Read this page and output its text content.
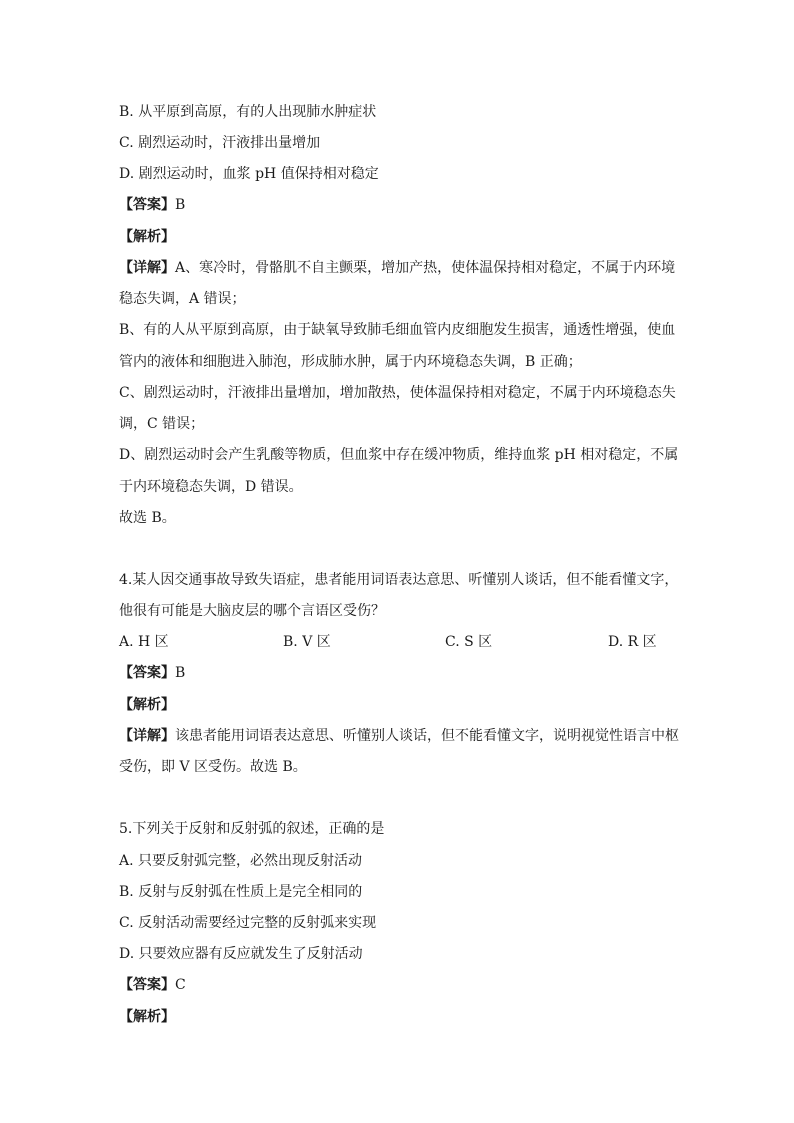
B. 从平原到高原，有的人出现肺水肿症状
C. 剧烈运动时，汗液排出量增加
D. 剧烈运动时，血浆 pH 值保持相对稳定
【答案】B
【解析】
【详解】A、寒冷时，骨骼肌不自主颤栗，增加产热，使体温保持相对稳定，不属于内环境
稳态失调，A 错误；
B、有的人从平原到高原，由于缺氧导致肺毛细血管内皮细胞发生损害，通透性增强，使血
管内的液体和细胞进入肺泡，形成肺水肿，属于内环境稳态失调，B 正确；
C、剧烈运动时，汗液排出量增加，增加散热，使体温保持相对稳定，不属于内环境稳态失
调，C 错误；
D、剧烈运动时会产生乳酸等物质，但血浆中存在缓冲物质，维持血浆 pH 相对稳定，不属
于内环境稳态失调，D 错误。
故选 B。
4.某人因交通事故导致失语症，患者能用词语表达意思、听懂别人谈话，但不能看懂文字，
他很有可能是大脑皮层的哪个言语区受伤？
A. H 区	B. V 区	C. S 区	D. R 区
【答案】B
【解析】
【详解】该患者能用词语表达意思、听懂别人谈话，但不能看懂文字，说明视觉性语言中枢
受伤，即 V 区受伤。故选 B。
5.下列关于反射和反射弧的叙述，正确的是
A. 只要反射弧完整，必然出现反射活动
B. 反射与反射弧在性质上是完全相同的
C. 反射活动需要经过完整的反射弧来实现
D. 只要效应器有反应就发生了反射活动
【答案】C
【解析】
